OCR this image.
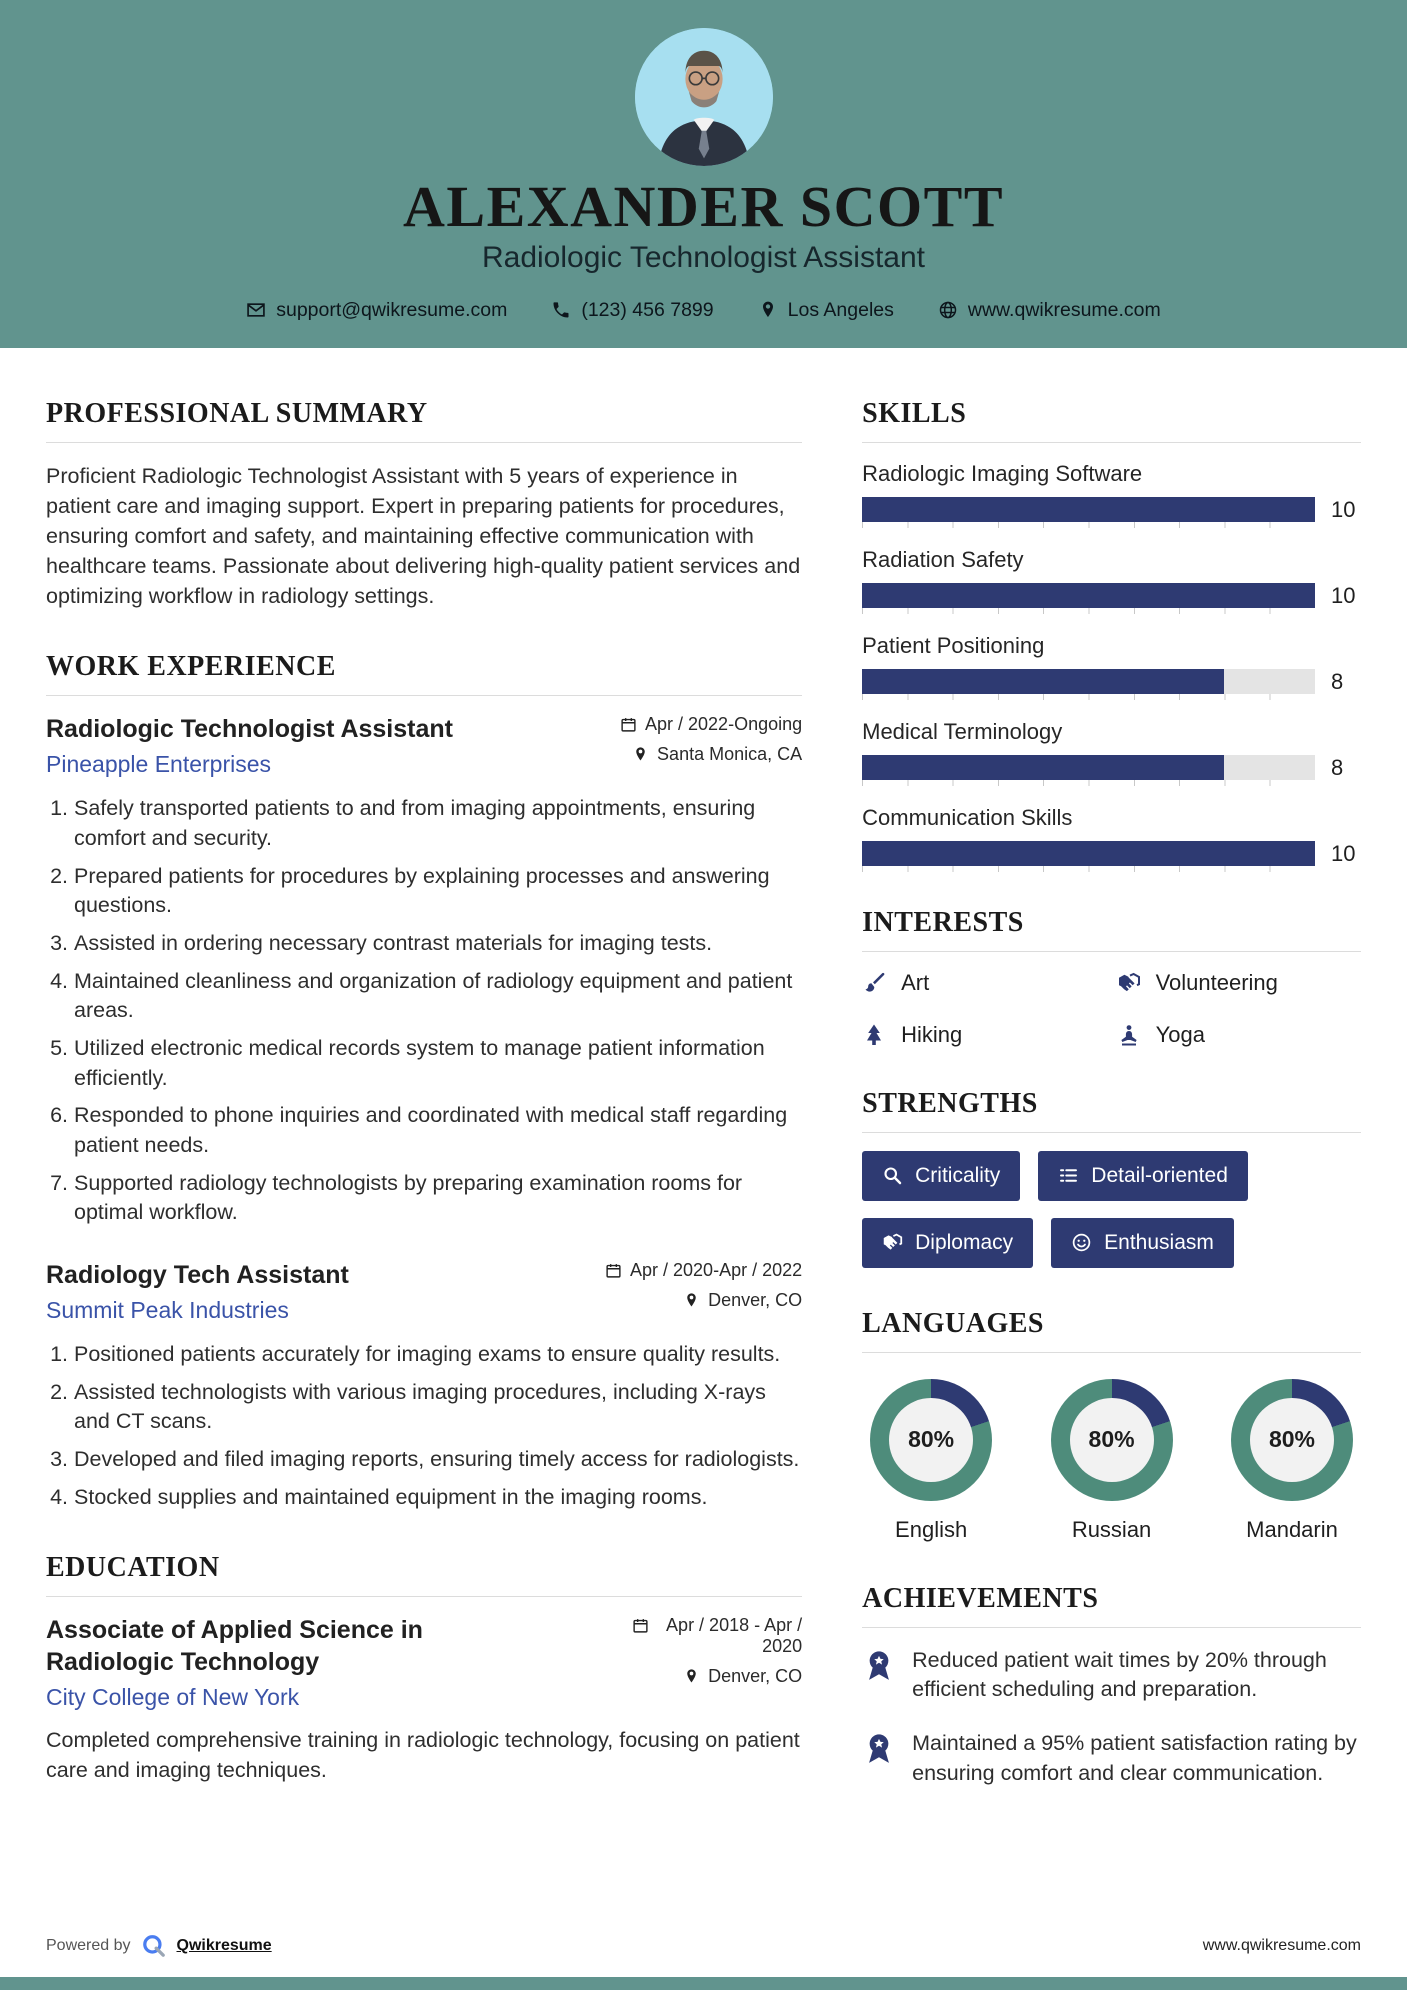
ALEXANDER SCOTT
Radiologic Technologist Assistant
support@qwikresume.com	(123) 456 7899	Los Angeles	www.qwikresume.com
PROFESSIONAL SUMMARY

Proficient Radiologic Technologist Assistant with 5 years of experience in patient care and imaging support. Expert in preparing patients for procedures, ensuring comfort and safety, and maintaining effective communication with healthcare teams. Passionate about delivering high-quality patient services and optimizing workflow in radiology settings.

WORK EXPERIENCE
Radiologic Technologist Assistant
Pineapple Enterprises
Apr / 2022-Ongoing
Santa Monica, CA
1. Safely transported patients to and from imaging appointments, ensuring comfort and security.
2. Prepared patients for procedures by explaining processes and answering questions.
3. Assisted in ordering necessary contrast materials for imaging tests.
4. Maintained cleanliness and organization of radiology equipment and patient areas.
5. Utilized electronic medical records system to manage patient information efficiently.
6. Responded to phone inquiries and coordinated with medical staff regarding patient needs.
7. Supported radiology technologists by preparing examination rooms for optimal workflow.
Radiology Tech Assistant
Summit Peak Industries
Apr / 2020-Apr / 2022
Denver, CO
1. Positioned patients accurately for imaging exams to ensure quality results.
2. Assisted technologists with various imaging procedures, including X-rays and CT scans.
3. Developed and filed imaging reports, ensuring timely access for radiologists.
4. Stocked supplies and maintained equipment in the imaging rooms.
EDUCATION
Associate of Applied Science in Radiologic Technology
City College of New York
Apr / 2018 - Apr / 2020
Denver, CO

Completed comprehensive training in radiologic technology, focusing on patient care and imaging techniques.

SKILLS
Radiologic Imaging Software
10
Radiation Safety
10
Patient Positioning
8
Medical Terminology
8
Communication Skills
10
INTERESTS
Art	Volunteering
Hiking	Yoga
STRENGTHS
Criticality	Detail-oriented
Diplomacy	Enthusiasm
LANGUAGES
80%
English
80%
Russian
80%
Mandarin
ACHIEVEMENTS
Reduced patient wait times by 20% through efficient scheduling and preparation.
Maintained a 95% patient satisfaction rating by ensuring comfort and clear communication.
Powered by	Qwikresume	www.qwikresume.com
